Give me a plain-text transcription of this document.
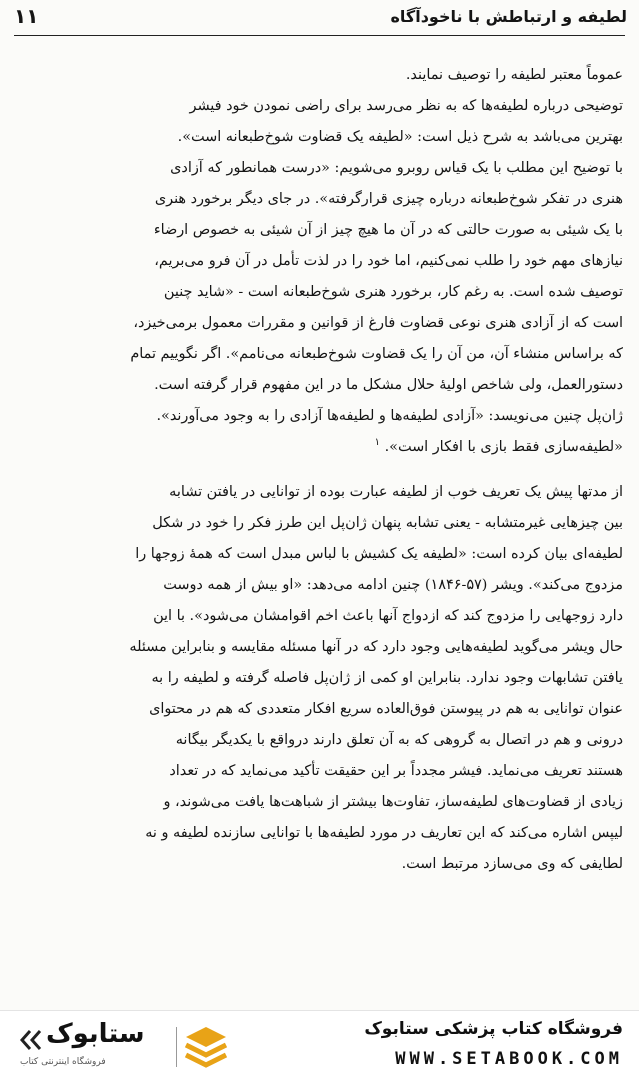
لطیفه و ارتباطش با ناخودآگاه
۱۱
عموماً معتبر لطیفه را توصیف نمایند.
توضیحی درباره لطیفه‌ها که به نظر می‌رسد برای راضی نمودن خود فیشر
بهترین می‌باشد به شرح ذیل است: «لطیفه یک قضاوت شوخ‌طبعانه است».
با توضیح این مطلب با یک قیاس روبرو می‌شویم: «درست همانطور که آزادی
هنری در تفکر شوخ‌طبعانه درباره چیزی قرارگرفته». در جای دیگر برخورد هنری
با یک شیئی به صورت حالتی که در آن ما هیچ چیز از آن شیئی به خصوص ارضاء
نیازهای مهم خود را طلب نمی‌کنیم، اما خود را در لذت تأمل در آن فرو می‌بریم،
توصیف شده است. به رغم کار، برخورد هنری شوخ‌طبعانه است - «شاید چنین
است که از آزادی هنری نوعی قضاوت فارغ از قوانین و مقررات معمول برمی‌خیزد،
که براساس منشاء آن، من آن را یک قضاوت شوخ‌طبعانه می‌نامم». اگر نگوییم تمام
دستورالعمل، ولی شاخص اولیهٔ حلال مشکل ما در این مفهوم قرار گرفته است.
ژان‌پل چنین می‌نویسد: «آزادی لطیفه‌ها و لطیفه‌ها آزادی را به وجود می‌آورند».
«لطیفه‌سازی فقط بازی با افکار است». $^۱$
از مدتها پیش یک تعریف خوب از لطیفه عبارت بوده از توانایی در یافتن تشابه
بین چیزهایی غیرمتشابه - یعنی تشابه پنهان ژان‌پل این طرز فکر را خود در شکل
لطیفه‌ای بیان کرده است: «لطیفه یک کشیش با لباس مبدل است که همهٔ زوجها را
مزدوج می‌کند». ویشر (۵۷-۱۸۴۶) چنین ادامه می‌دهد: «او بیش از همه دوست
دارد زوجهایی را مزدوج کند که ازدواج آنها باعث اخم اقوامشان می‌شود». با این
حال ویشر می‌گوید لطیفه‌هایی وجود دارد که در آنها مسئله مقایسه و بنابراین مسئله
یافتن تشابهات وجود ندارد. بنابراین او کمی از ژان‌پل فاصله گرفته و لطیفه را به
عنوان توانایی به هم در پیوستن فوق‌العاده سریع افکار متعددی که هم در محتوای
درونی و هم در اتصال به گروهی که به آن تعلق دارند درواقع با یکدیگر بیگانه
هستند تعریف می‌نماید. فیشر مجدداً بر این حقیقت تأکید می‌نماید که در تعداد
زیادی از قضاوت‌های لطیفه‌ساز، تفاوت‌ها بیشتر از شباهت‌ها یافت می‌شوند، و
لیپس اشاره می‌کند که این تعاریف در مورد لطیفه‌ها با توانایی سازنده لطیفه و نه
لطایفی که وی می‌سازد مرتبط است.
ستابوک
فروشگاه اینترنتی کتاب
فروشگاه کتاب پزشکی ستابوک
WWW.SETABOOK.COM
